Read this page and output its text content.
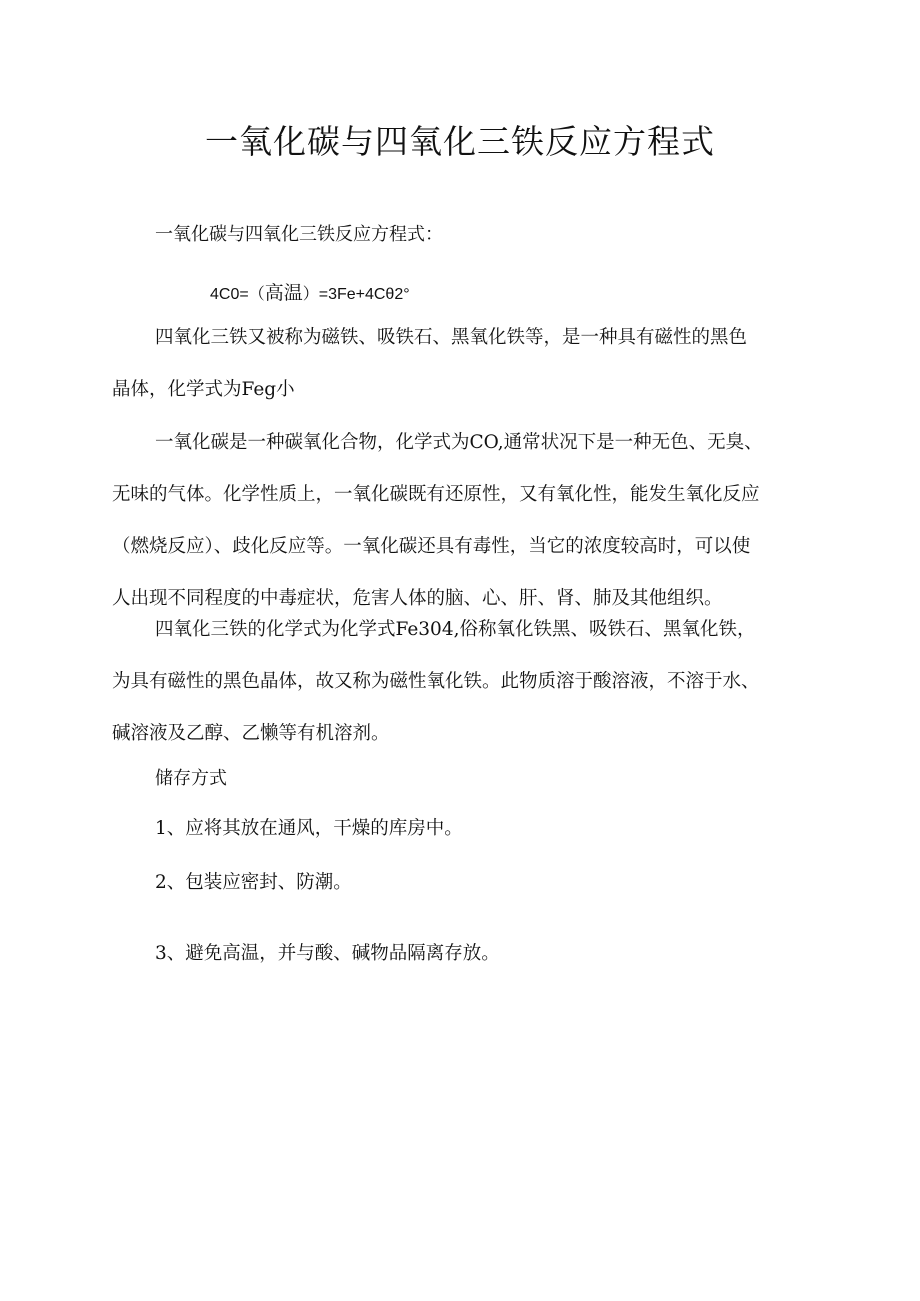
一氧化碳与四氧化三铁反应方程式
一氧化碳与四氧化三铁反应方程式：
4C0=（高温）=3Fe+4Cθ2°
四氧化三铁又被称为磁铁、吸铁石、黑氧化铁等，是一种具有磁性的黑色
晶体，化学式为Feg小
一氧化碳是一种碳氧化合物，化学式为CO,通常状况下是一种无色、无臭、
无味的气体。化学性质上，一氧化碳既有还原性，又有氧化性，能发生氧化反应
（燃烧反应）、歧化反应等。一氧化碳还具有毒性，当它的浓度较高时，可以使
人出现不同程度的中毒症状，危害人体的脑、心、肝、肾、肺及其他组织。
四氧化三铁的化学式为化学式Fe304,俗称氧化铁黑、吸铁石、黑氧化铁，
为具有磁性的黑色晶体，故又称为磁性氧化铁。此物质溶于酸溶液，不溶于水、
碱溶液及乙醇、乙懒等有机溶剂。
储存方式
1、应将其放在通风，干燥的库房中。
2、包装应密封、防潮。
3、避免高温，并与酸、碱物品隔离存放。
